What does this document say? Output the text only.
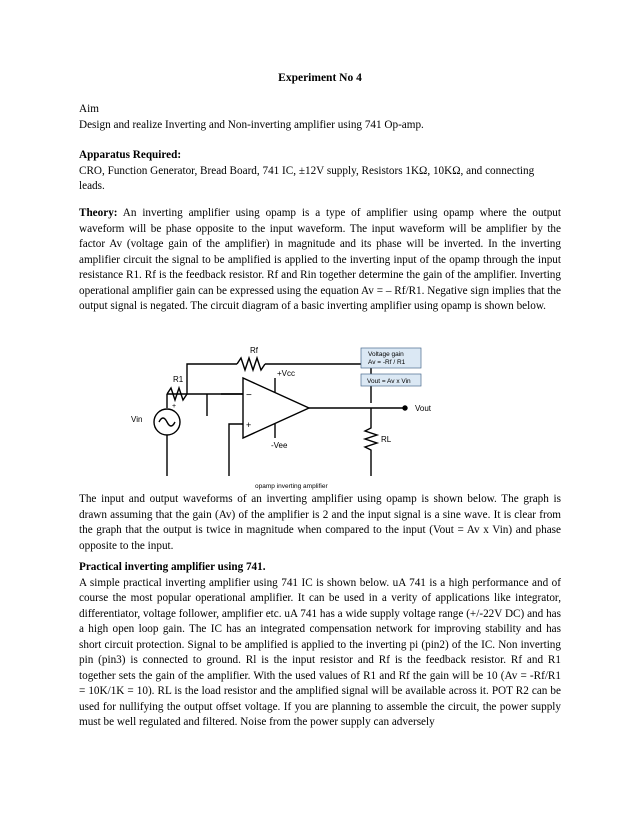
Experiment No 4

Aim

Design and realize Inverting and Non-inverting amplifier using 741 Op-amp.

Apparatus Required:

CRO, Function Generator, Bread Board, 741 IC, ±12V supply, Resistors 1KΩ, 10KΩ, and connecting leads.

Theory: An inverting amplifier using opamp is a type of amplifier using opamp where the output waveform will be phase opposite to the input waveform. The input waveform will be amplifier by the factor Av (voltage gain of the amplifier) in magnitude and its phase will be inverted. In the inverting amplifier circuit the signal to be amplified is applied to the inverting input of the opamp through the input resistance R1. Rf is the feedback resistor. Rf and Rin together determine the gain of the amplifier. Inverting operational amplifier gain can be expressed using the equation Av = – Rf/R1. Negative sign implies that the output signal is negated. The circuit diagram of a basic inverting amplifier using opamp is shown below.

The input and output waveforms of an inverting amplifier using opamp is shown below. The graph is drawn assuming that the gain (Av) of the amplifier is 2 and the input signal is a sine wave. It is clear from the graph that the output is twice in magnitude when compared to the input (Vout = Av x Vin) and phase opposite to the input.

Practical inverting amplifier using 741.

A simple practical inverting amplifier using 741 IC is shown below. uA 741 is a high performance and of course the most popular operational amplifier. It can be used in a verity of applications like integrator, differentiator, voltage follower, amplifier etc. uA 741 has a wide supply voltage range (+/-22V DC) and has a high open loop gain. The IC has an integrated compensation network for improving stability and has short circuit protection. Signal to be amplified is applied to the inverting pi (pin2) of the IC. Non inverting pin (pin3) is connected to ground. Rl is the input resistor and Rf is the feedback resistor. Rf and R1 together sets the gain of the amplifier. With the used values of R1 and Rf the gain will be 10 (Av = -Rf/R1 = 10K/1K = 10). RL is the load resistor and the amplified signal will be available across it. POT R2 can be used for nullifying the output offset voltage. If you are planning to assemble the circuit, the power supply must be well regulated and filtered. Noise from the power supply can adversely

Rf
R1
Vin
+
−
+
+Vcc
-Vee
Vout
RL
Voltage gain
Av = -Rf / R1
Vout = Av x Vin
opamp inverting amplifier
